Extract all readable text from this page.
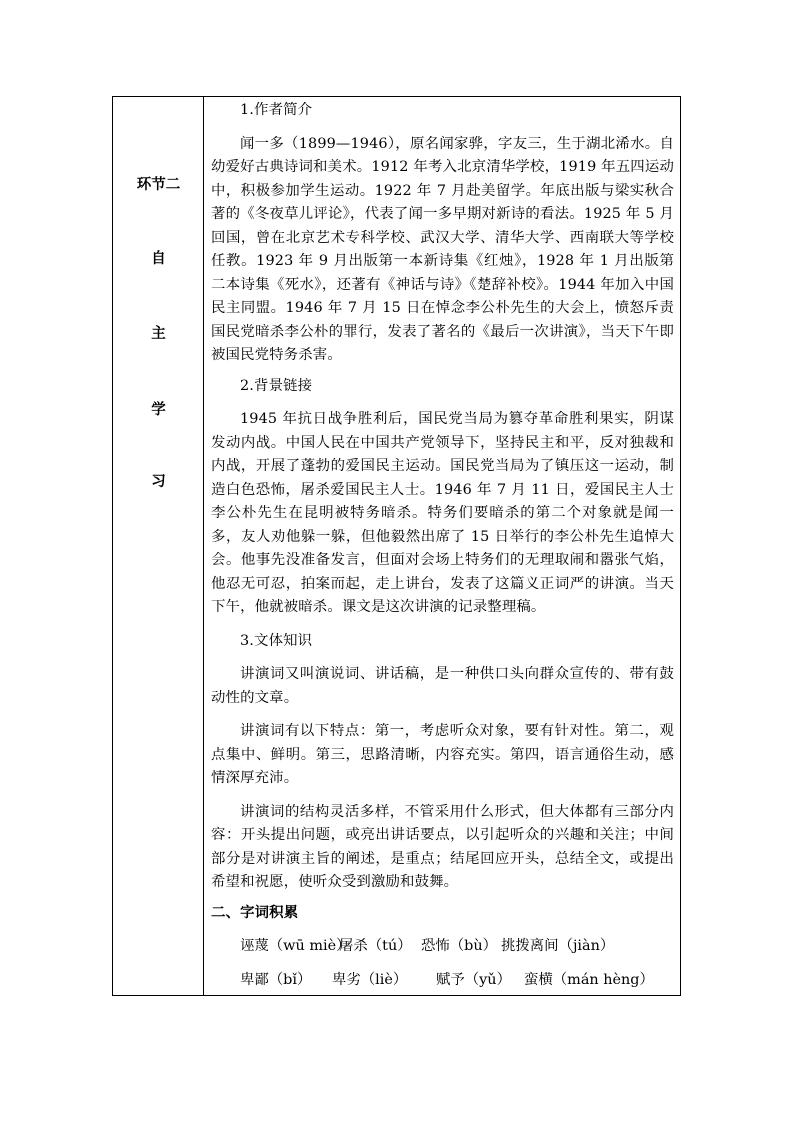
环节二
自
主
学
习

1.作者简介

闻一多（1899—1946），原名闻家骅，字友三，生于湖北浠水。自幼爱好古典诗词和美术。1912 年考入北京清华学校，1919 年五四运动中，积极参加学生运动。1922 年 7 月赴美留学。年底出版与梁实秋合著的《冬夜草儿评论》，代表了闻一多早期对新诗的看法。1925 年 5 月回国，曾在北京艺术专科学校、武汉大学、清华大学、西南联大等学校任教。1923 年 9 月出版第一本新诗集《红烛》，1928 年 1 月出版第二本诗集《死水》，还著有《神话与诗》《楚辞补校》。1944 年加入中国民主同盟。1946 年 7 月 15 日在悼念李公朴先生的大会上，愤怒斥责国民党暗杀李公朴的罪行，发表了著名的《最后一次讲演》，当天下午即被国民党特务杀害。

2.背景链接

1945 年抗日战争胜利后，国民党当局为篡夺革命胜利果实，阴谋发动内战。中国人民在中国共产党领导下，坚持民主和平，反对独裁和内战，开展了蓬勃的爱国民主运动。国民党当局为了镇压这一运动，制造白色恐怖，屠杀爱国民主人士。1946 年 7 月 11 日，爱国民主人士李公朴先生在昆明被特务暗杀。特务们要暗杀的第二个对象就是闻一多，友人劝他躲一躲，但他毅然出席了 15 日举行的李公朴先生追悼大会。他事先没准备发言，但面对会场上特务们的无理取闹和嚣张气焰，他忍无可忍，拍案而起，走上讲台，发表了这篇义正词严的讲演。当天下午，他就被暗杀。课文是这次讲演的记录整理稿。

3.文体知识

讲演词又叫演说词、讲话稿，是一种供口头向群众宣传的、带有鼓动性的文章。

讲演词有以下特点：第一，考虑听众对象，要有针对性。第二，观点集中、鲜明。第三，思路清晰，内容充实。第四，语言通俗生动，感情深厚充沛。

讲演词的结构灵活多样，不管采用什么形式，但大体都有三部分内容：开头提出问题，或亮出讲话要点，以引起听众的兴趣和关注；中间部分是对讲演主旨的阐述，是重点；结尾回应开头，总结全文，或提出希望和祝愿，使听众受到激励和鼓舞。

二、字词积累

诬蔑（wū miè）屠杀（tú） 恐怖（bù） 挑拨离间（jiàn）
卑鄙（bǐ） 卑劣（liè） 赋予（yǔ） 蛮横（mán hèng）
